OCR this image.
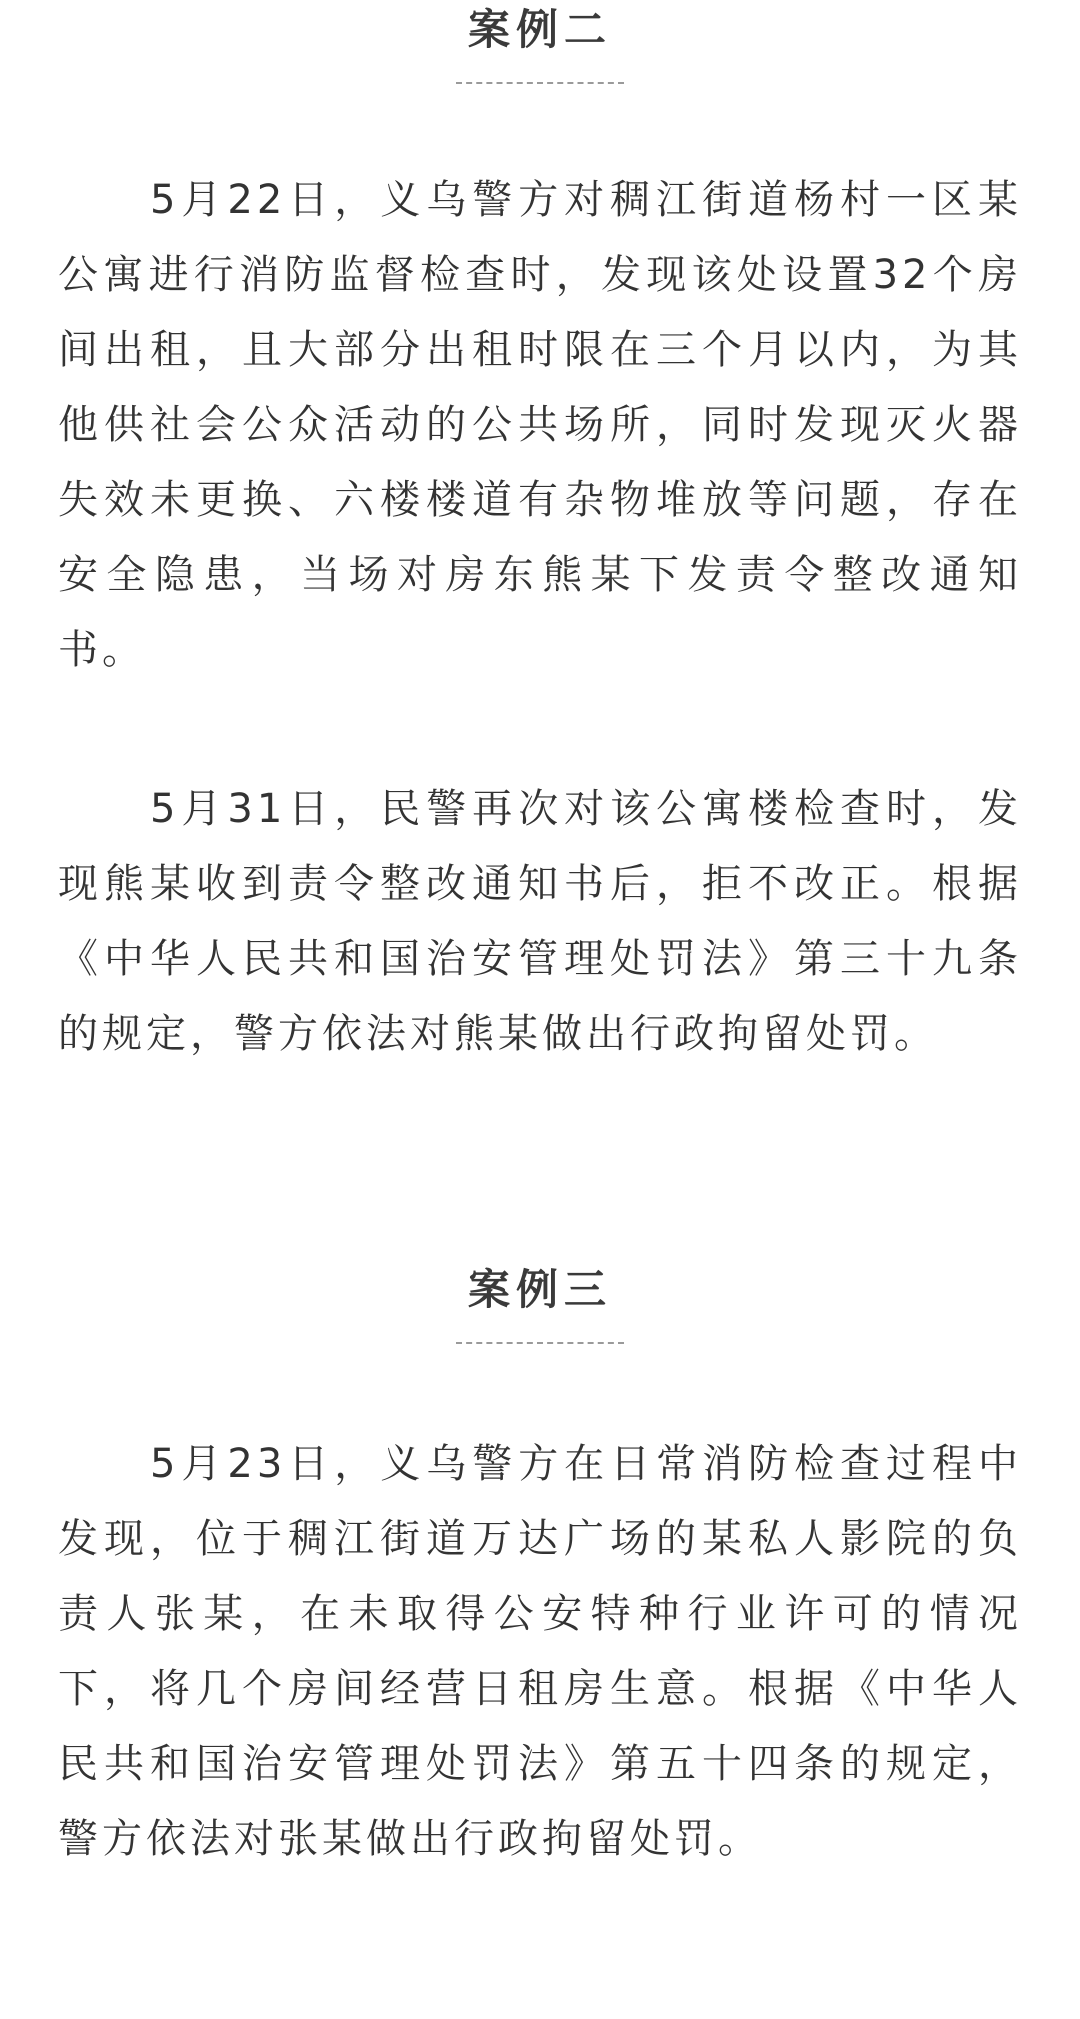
案例二

5月22日，义乌警方对稠江街道杨村一区某公寓进行消防监督检查时，发现该处设置32个房间出租，且大部分出租时限在三个月以内，为其他供社会公众活动的公共场所，同时发现灭火器失效未更换、六楼楼道有杂物堆放等问题，存在安全隐患，当场对房东熊某下发责令整改通知书。

5月31日，民警再次对该公寓楼检查时，发现熊某收到责令整改通知书后，拒不改正。根据《中华人民共和国治安管理处罚法》第三十九条的规定，警方依法对熊某做出行政拘留处罚。

案例三

5月23日，义乌警方在日常消防检查过程中发现，位于稠江街道万达广场的某私人影院的负责人张某，在未取得公安特种行业许可的情况下，将几个房间经营日租房生意。根据《中华人民共和国治安管理处罚法》第五十四条的规定，警方依法对张某做出行政拘留处罚。
